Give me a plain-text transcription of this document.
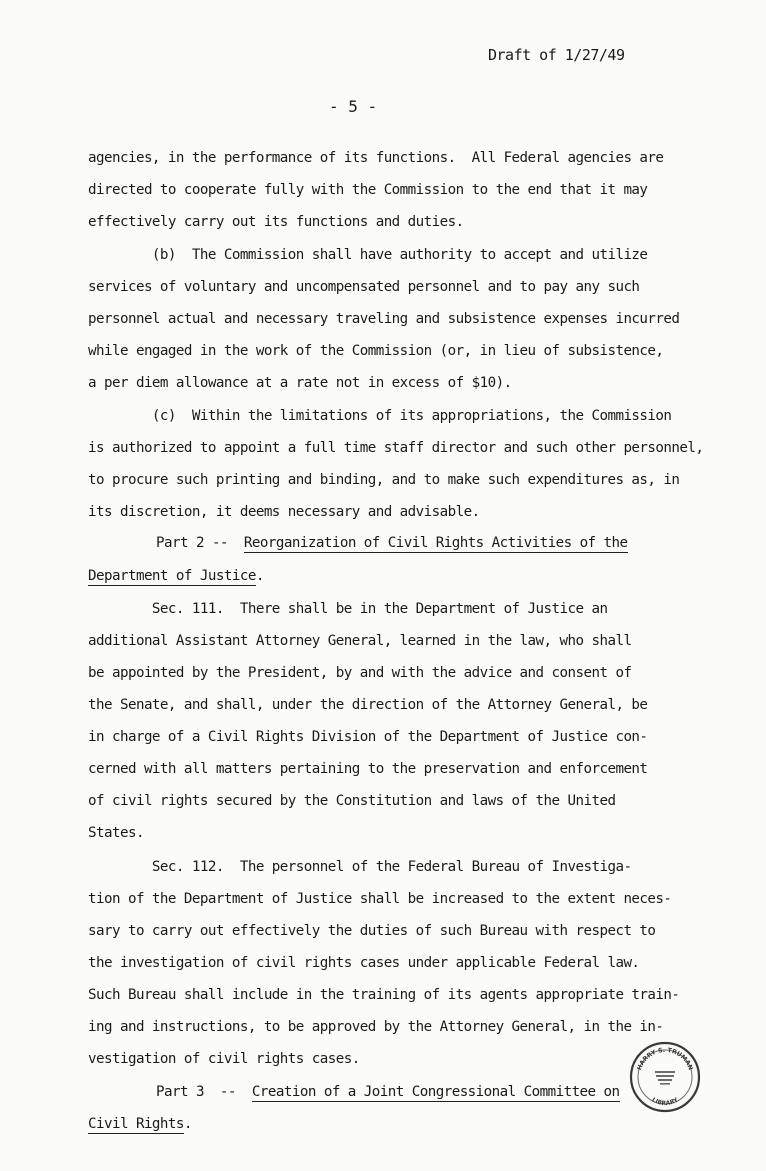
Draft of 1/27/49
- 5 -
agencies, in the performance of its functions.  All Federal agencies are
directed to cooperate fully with the Commission to the end that it may
effectively carry out its functions and duties.
(b)  The Commission shall have authority to accept and utilize
services of voluntary and uncompensated personnel and to pay any such
personnel actual and necessary traveling and subsistence expenses incurred
while engaged in the work of the Commission (or, in lieu of subsistence,
a per diem allowance at a rate not in excess of $10).
(c)  Within the limitations of its appropriations, the Commission
is authorized to appoint a full time staff director and such other personnel,
to procure such printing and binding, and to make such expenditures as, in
its discretion, it deems necessary and advisable.
Part 2 --  Reorganization of Civil Rights Activities of the
Department of Justice.
Sec. 111.  There shall be in the Department of Justice an
additional Assistant Attorney General, learned in the law, who shall
be appointed by the President, by and with the advice and consent of
the Senate, and shall, under the direction of the Attorney General, be
in charge of a Civil Rights Division of the Department of Justice con-
cerned with all matters pertaining to the preservation and enforcement
of civil rights secured by the Constitution and laws of the United
States.
Sec. 112.  The personnel of the Federal Bureau of Investiga-
tion of the Department of Justice shall be increased to the extent neces-
sary to carry out effectively the duties of such Bureau with respect to
the investigation of civil rights cases under applicable Federal law.
Such Bureau shall include in the training of its agents appropriate train-
ing and instructions, to be approved by the Attorney General, in the in-
vestigation of civil rights cases.
Part 3  --  Creation of a Joint Congressional Committee on
Civil Rights.
HARRY S. TRUMAN
LIBRARY
